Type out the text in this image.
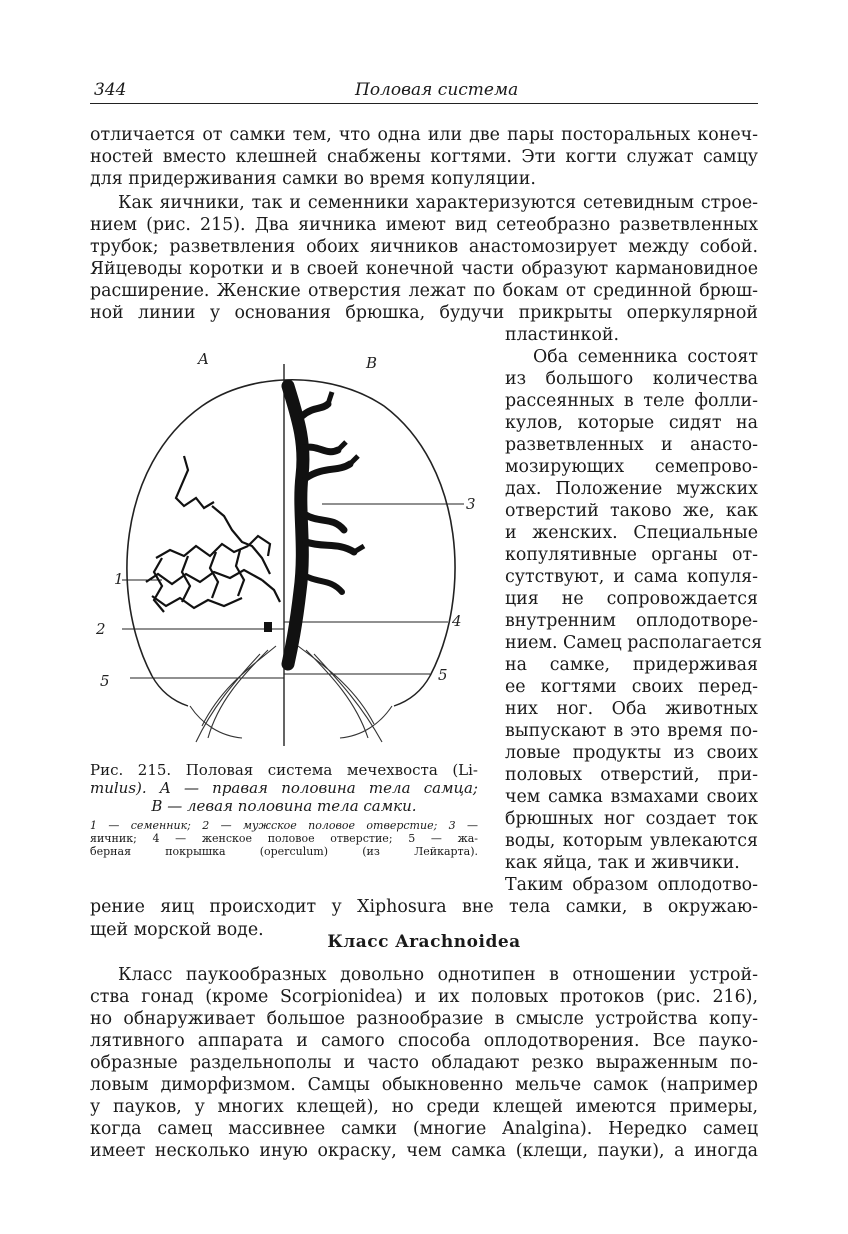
344	Половая система
отличается от самки тем, что одна или две пары посторальных конеч-
ностей вместо клешней снабжены когтями. Эти когти служат самцу
для придерживания самки во время копуляции.
Как яичники, так и семенники характеризуются сетевидным строе-
нием (рис. 215). Два яичника имеют вид сетеобразно разветвленных
трубок; разветвления обоих яичников анастомозирует между собой.
Яйцеводы коротки и в своей конечной части образуют кармановидное
расширение. Женские отверстия лежат по бокам от срединной брюш-
ной линии у основания брюшка, будучи прикрыты оперкулярной
пластинкой.
Оба семенника состоят
из большого количества
рассеянных в теле фолли-
кулов, которые сидят на
разветвленных и анасто-
мозирующих семепрово-
дах. Положение мужских
отверстий таково же, как
и женских. Специальные
копулятивные органы от-
сутствуют, и сама копуля-
ция не сопровождается
внутренним оплодотворе-
нием. Самец располагается
на самке, придерживая
ее когтями своих перед-
них ног. Оба животных
выпускают в это время по-
ловые продукты из своих
половых отверстий, при-
чем самка взмахами своих
брюшных ног создает ток
воды, которым увлекаются
как яйца, так и живчики.
Таким образом оплодотво-
рение яиц происходит у Xiphosura вне тела самки, в окружаю-
щей морской воде.
A	B
1
2
3
4
5	5
Рис. 215. Половая система мечехвоста (Li-
mulus). A — правая половина тела самца;
B — левая половина тела самки.
1 — семенник; 2 — мужское половое отверстие; 3 —
яичник; 4 — женское половое отверстие; 5 — жа-
берная покрышка (operculum) (из Лейкарта).
Класс Arachnoidea
Класс паукообразных довольно однотипен в отношении устрой-
ства гонад (кроме Scorpionidea) и их половых протоков (рис. 216),
но обнаруживает большое разнообразие в смысле устройства копу-
лятивного аппарата и самого способа оплодотворения. Все пауко-
образные раздельнополы и часто обладают резко выраженным по-
ловым диморфизмом. Самцы обыкновенно мельче самок (например
у пауков, у многих клещей), но среди клещей имеются примеры,
когда самец массивнее самки (многие Analgina). Нередко самец
имеет несколько иную окраску, чем самка (клещи, пауки), а иногда
